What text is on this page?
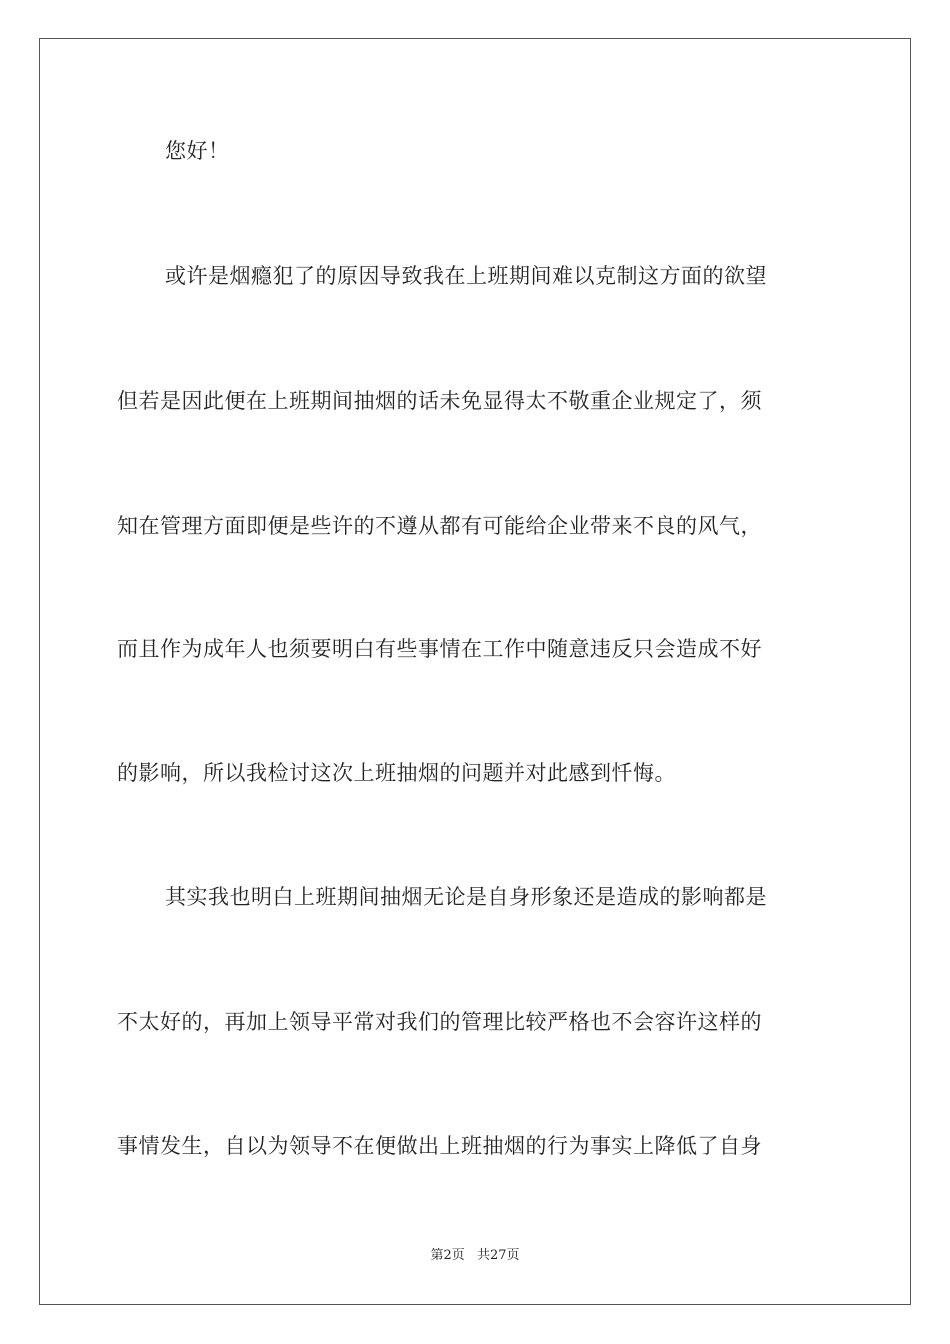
您好！
或许是烟瘾犯了的原因导致我在上班期间难以克制这方面的欲望
但若是因此便在上班期间抽烟的话未免显得太不敬重企业规定了，须
知在管理方面即便是些许的不遵从都有可能给企业带来不良的风气，
而且作为成年人也须要明白有些事情在工作中随意违反只会造成不好
的影响，所以我检讨这次上班抽烟的问题并对此感到忏悔。
其实我也明白上班期间抽烟无论是自身形象还是造成的影响都是
不太好的，再加上领导平常对我们的管理比较严格也不会容许这样的
事情发生，自以为领导不在便做出上班抽烟的行为事实上降低了自身
第2页 共27页
